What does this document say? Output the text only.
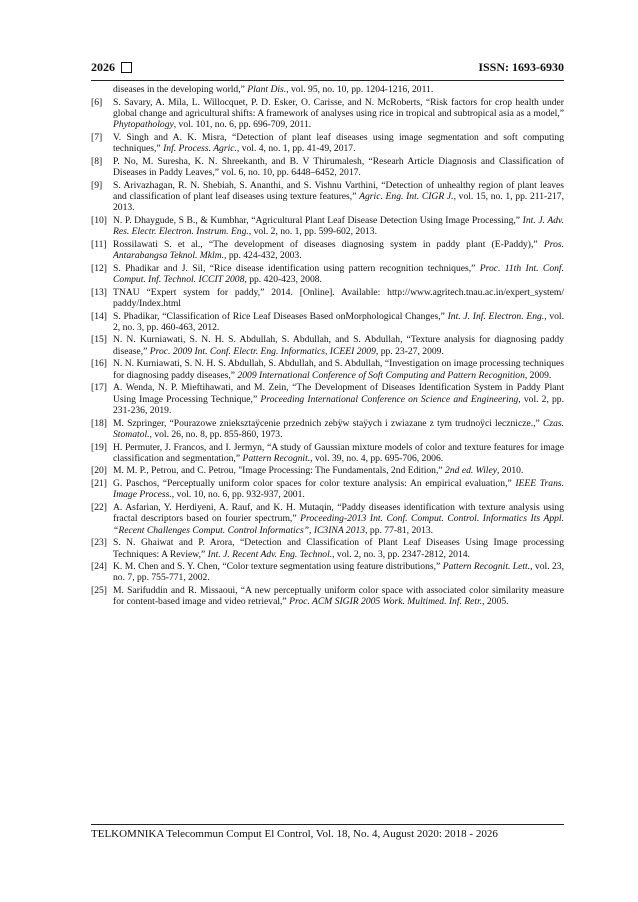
2026	ISSN: 1693-6930
diseases in the developing world,” Plant Dis., vol. 95, no. 10, pp. 1204-1216, 2011.
[6]	S. Savary, A. Mila, L. Willocquet, P. D. Esker, O. Carisse, and N. McRoberts, “Risk factors for crop health under global change and agricultural shifts: A framework of analyses using rice in tropical and subtropical asia as a model,” Phytopathology, vol. 101, no. 6, pp. 696-709, 2011.
[7]	V. Singh and A. K. Misra, “Detection of plant leaf diseases using image segmentation and soft computing techniques,” Inf. Process. Agric., vol. 4, no. 1, pp. 41-49, 2017.
[8]	P. No, M. Suresha, K. N. Shreekanth, and B. V Thirumalesh, “Researh Article Diagnosis and Classification of Diseases in Paddy Leaves,” vol. 6, no. 10, pp. 6448–6452, 2017.
[9]	S. Arivazhagan, R. N. Shebiah, S. Ananthi, and S. Vishnu Varthini, “Detection of unhealthy region of plant leaves and classification of plant leaf diseases using texture features,” Agric. Eng. Int. CIGR J., vol. 15, no. 1, pp. 211-217, 2013.
[10] N. P. Dhaygude, S B., & Kumbhar, “Agricultural Plant Leaf Disease Detection Using Image Processing,” Int. J. Adv. Res. Electr. Electron. Instrum. Eng., vol. 2, no. 1, pp. 599-602, 2013.
[11] Rossilawati S. et al., “The development of diseases diagnosing system in paddy plant (E-Paddy),” Pros. Antarabangsa Teknol. Mklm., pp. 424-432, 2003.
[12] S. Phadikar and J. Sil, “Rice disease identification using pattern recognition techniques,” Proc. 11th Int. Conf. Comput. Inf. Technol. ICCIT 2008, pp. 420-423, 2008.
[13] TNAU “Expert system for paddy,” 2014. [Online]. Available: http://www.agritech.tnau.ac.in/expert_system/ paddy/Index.html
[14] S. Phadikar, “Classification of Rice Leaf Diseases Based onMorphological Changes,” Int. J. Inf. Electron. Eng., vol. 2, no. 3, pp. 460-463, 2012.
[15] N. N. Kurniawati, S. N. H. S. Abdullah, S. Abdullah, and S. Abdullah, “Texture analysis for diagnosing paddy disease,” Proc. 2009 Int. Conf. Electr. Eng. Informatics, ICEEI 2009, pp. 23-27, 2009.
[16] N. N. Kurniawati, S. N. H. S. Abdullah, S. Abdullah, and S. Abdullah, “Investigation on image processing techniques for diagnosing paddy diseases,” 2009 International Conference of Soft Computing and Pattern Recognition, 2009.
[17] A. Wenda, N. P. Mieftihawati, and M. Zein, “The Development of Diseases Identification System in Paddy Plant Using Image Processing Technique,” Proceeding International Conference on Science and Engineering, vol. 2, pp. 231-236, 2019.
[18] M. Szpringer, “Pourazowe znieksztaÿcenie przednich zebÿw staÿych i zwiazane z tym trudnoÿci lecznicze.,” Czas. Stomatol., vol. 26, no. 8, pp. 855-860, 1973.
[19] H. Permuter, J. Francos, and I. Jermyn, “A study of Gaussian mixture models of color and texture features for image classification and segmentation,” Pattern Recognit., vol. 39, no. 4, pp. 695-706, 2006.
[20] M. M. P., Petrou, and C. Petrou, "Image Processing: The Fundamentals, 2nd Edition,” 2nd ed. Wiley, 2010.
[21] G. Paschos, “Perceptually uniform color spaces for color texture analysis: An empirical evaluation,” IEEE Trans. Image Process., vol. 10, no. 6, pp. 932-937, 2001.
[22] A. Asfarian, Y. Herdiyeni, A. Rauf, and K. H. Mutaqin, “Paddy diseases identification with texture analysis using fractal descriptors based on fourier spectrum,” Proceeding-2013 Int. Conf. Comput. Control. Informatics Its Appl. “Recent Challenges Comput. Control Informatics”, IC3INA 2013, pp. 77-81, 2013.
[23] S. N. Ghaiwat and P. Arora, “Detection and Classification of Plant Leaf Diseases Using Image processing Techniques: A Review,” Int. J. Recent Adv. Eng. Technol., vol. 2, no. 3, pp. 2347-2812, 2014.
[24] K. M. Chen and S. Y. Chen, “Color texture segmentation using feature distributions,” Pattern Recognit. Lett., vol. 23, no. 7, pp. 755-771, 2002.
[25] M. Sarifuddin and R. Missaoui, “A new perceptually uniform color space with associated color similarity measure for content-based image and video retrieval,” Proc. ACM SIGIR 2005 Work. Multimed. Inf. Retr., 2005.
TELKOMNIKA Telecommun Comput El Control, Vol. 18, No. 4, August 2020: 2018 - 2026
